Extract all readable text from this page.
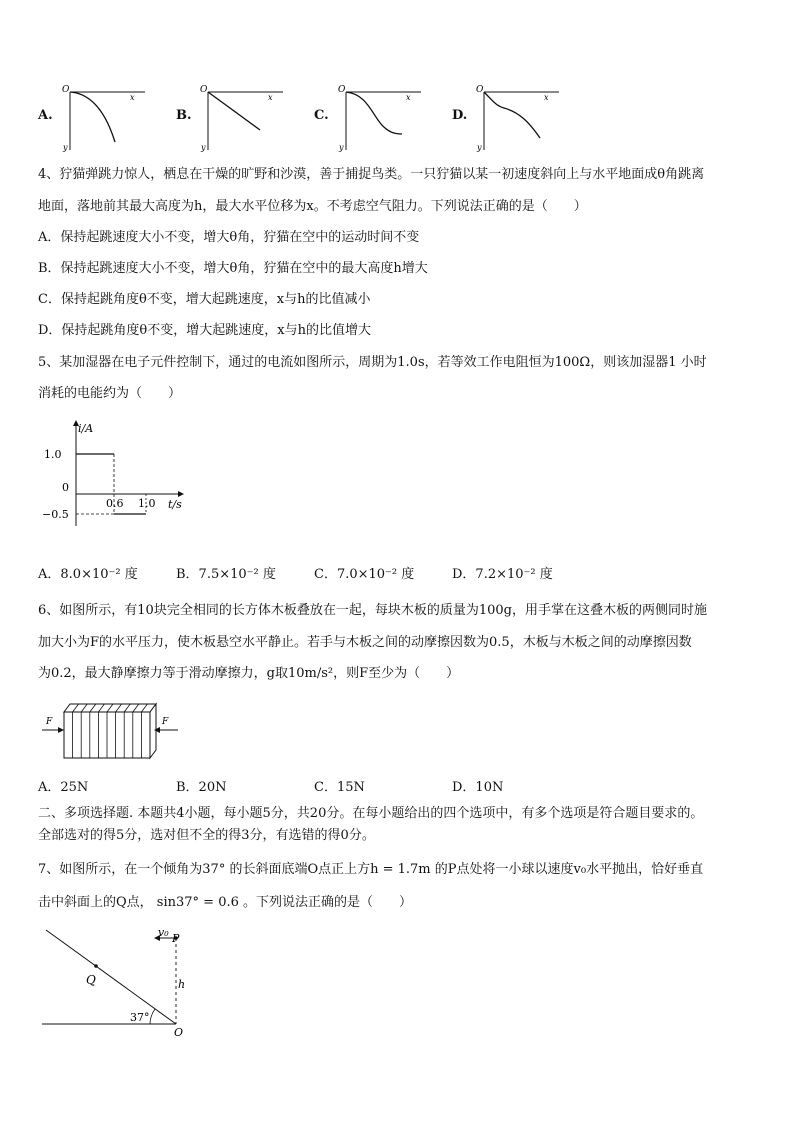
A.	B.	C.	D.
O
x
y
O
x
y
O
x
y
O
x
y
4、狞猫弹跳力惊人，栖息在干燥的旷野和沙漠，善于捕捉鸟类。一只狞猫以某一初速度斜向上与水平地面成θ角跳离
地面，落地前其最大高度为h，最大水平位移为x。不考虑空气阻力。下列说法正确的是（　　）
A．保持起跳速度大小不变，增大θ角，狞猫在空中的运动时间不变
B．保持起跳速度大小不变，增大θ角，狞猫在空中的最大高度h增大
C．保持起跳角度θ不变，增大起跳速度，x与h的比值减小
D．保持起跳角度θ不变，增大起跳速度，x与h的比值增大
5、某加湿器在电子元件控制下，通过的电流如图所示，周期为1.0s，若等效工作电阻恒为100Ω，则该加湿器1 小时
消耗的电能约为（　　）
i/A
t/s
1.0
0
−0.5
0.6 1.0
A．8.0×10⁻² 度	B．7.5×10⁻² 度	C．7.0×10⁻² 度	D．7.2×10⁻² 度
6、如图所示，有10块完全相同的长方体木板叠放在一起，每块木板的质量为100g，用手掌在这叠木板的两侧同时施
加大小为F的水平压力，使木板悬空水平静止。若手与木板之间的动摩擦因数为0.5，木板与木板之间的动摩擦因数
为0.2，最大静摩擦力等于滑动摩擦力，g取10m/s²，则F至少为（　　）
F	F
A．25N	B．20N	C．15N	D．10N
二、多项选择题. 本题共4小题，每小题5分，共20分。在每小题给出的四个选项中，有多个选项是符合题目要求的。
全部选对的得5分，选对但不全的得3分，有选错的得0分。
7、如图所示，在一个倾角为37° 的长斜面底端O点正上方h = 1.7m 的P点处将一小球以速度v₀水平抛出，恰好垂直
击中斜面上的Q点， sin37° = 0.6 。下列说法正确的是（　　）
v₀ P
Q	h
37°
O
